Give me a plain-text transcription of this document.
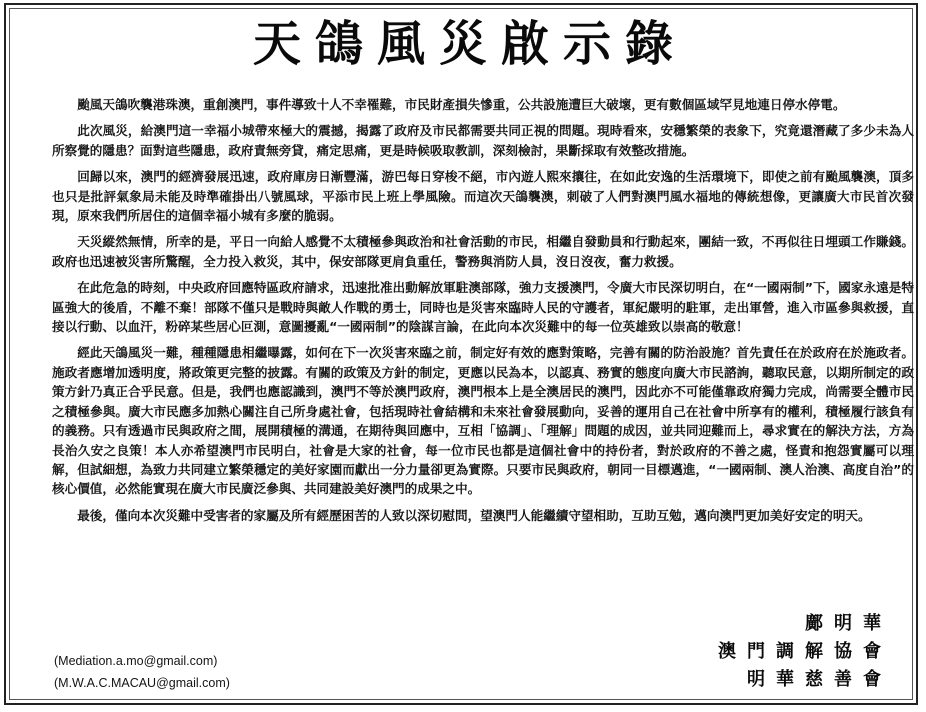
天鴿風災啟示錄

颱風天鴿吹襲港珠澳，重創澳門，事件導致十人不幸罹難，市民財產損失慘重，公共設施遭巨大破壞，更有數個區域罕見地連日停水停電。

此次風災，給澳門這一幸福小城帶來極大的震撼，揭露了政府及市民都需要共同正視的問題。現時看來，安穩繁榮的表象下，究竟還潛藏了多少未為人所察覺的隱患？面對這些隱患，政府責無旁貸，痛定思痛，更是時候吸取教訓，深刻檢討，果斷採取有效整改措施。

回歸以來，澳門的經濟發展迅速，政府庫房日漸豐滿，游巴每日穿梭不絕，市內遊人熙來攘往，在如此安逸的生活環境下，即使之前有颱風襲澳，頂多也只是批評氣象局未能及時準確掛出八號風球，平添市民上班上學風險。而這次天鴿襲澳，刺破了人們對澳門風水福地的傳統想像，更讓廣大市民首次發現，原來我們所居住的這個幸福小城有多麼的脆弱。

天災縱然無情，所幸的是，平日一向給人感覺不太積極參與政治和社會活動的市民，相繼自發動員和行動起來，團結一致，不再似往日埋頭工作賺錢。政府也迅速被災害所驚醒，全力投入救災，其中，保安部隊更肩負重任，警務與消防人員，沒日沒夜，奮力救援。

在此危急的時刻，中央政府回應特區政府請求，迅速批准出動解放軍駐澳部隊，強力支援澳門，令廣大市民深切明白，在“一國兩制”下，國家永遠是特區強大的後盾，不離不棄！部隊不僅只是戰時與敵人作戰的勇士，同時也是災害來臨時人民的守護者，軍紀嚴明的駐軍，走出軍營，進入市區參與救援，直接以行動、以血汗，粉碎某些居心叵測，意圖擾亂“一國兩制”的陰謀言論，在此向本次災難中的每一位英雄致以崇高的敬意！

經此天鴿風災一難，種種隱患相繼曝露，如何在下一次災害來臨之前，制定好有效的應對策略，完善有關的防治設施？首先責任在於政府在於施政者。施政者應增加透明度，將政策更完整的披露。有關的政策及方針的制定，更應以民為本，以認真、務實的態度向廣大市民諮詢，聽取民意，以期所制定的政策方針乃真正合乎民意。但是，我們也應認識到，澳門不等於澳門政府，澳門根本上是全澳居民的澳門，因此亦不可能僅靠政府獨力完成，尚需要全體市民之積極參與。廣大市民應多加熱心關注自己所身處社會，包括現時社會結構和未來社會發展動向，妥善的運用自己在社會中所享有的權利，積極履行該負有的義務。只有透過市民與政府之間，展開積極的溝通，在期待與回應中，互相「協調」、「理解」問題的成因，並共同迎難而上，尋求實在的解決方法，方為長治久安之良策！本人亦希望澳門市民明白，社會是大家的社會，每一位市民也都是這個社會中的持份者，對於政府的不善之處，怪責和抱怨實屬可以理解，但試細想，為致力共同建立繁榮穩定的美好家園而獻出一分力量卻更為實際。只要市民與政府，朝同一目標邁進，“一國兩制、澳人治澳、高度自治”的核心價值，必然能實現在廣大市民廣泛參與、共同建設美好澳門的成果之中。

最後，僅向本次災難中受害者的家屬及所有經歷困苦的人致以深切慰問，望澳門人能繼續守望相助，互助互勉，邁向澳門更加美好安定的明天。

鄺明華
澳門調解協會
明華慈善會
(Mediation.a.mo@gmail.com)
(M.W.A.C.MACAU@gmail.com)
